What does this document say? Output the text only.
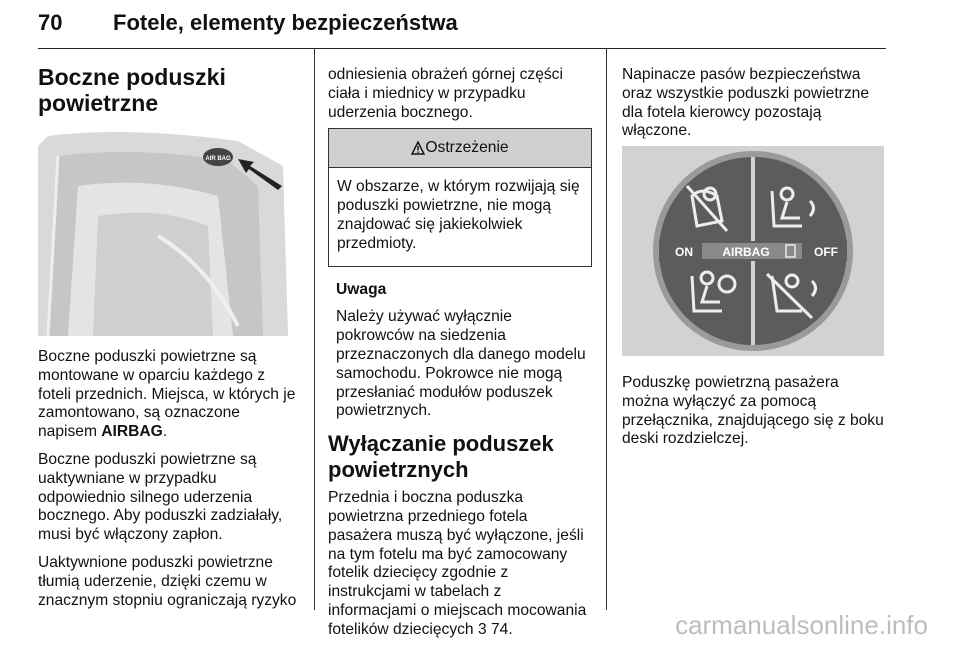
70 Fotele, elementy bezpieczeństwa
Boczne poduszki powietrzne
AIR BAG

Boczne poduszki powietrzne są montowane w oparciu każdego z foteli przednich. Miejsca, w których je zamontowano, są oznaczone napisem AIRBAG.

Boczne poduszki powietrzne są uaktywniane w przypadku odpowiednio silnego uderzenia bocznego. Aby poduszki zadziałały, musi być włączony zapłon.

Uaktywnione poduszki powietrzne tłumią uderzenie, dzięki czemu w znacznym stopniu ograniczają ryzyko

odniesienia obrażeń górnej części ciała i miednicy w przypadku uderzenia bocznego.

Ostrzeżenie
W obszarze, w którym rozwijają się poduszki powietrzne, nie mogą znajdować się jakiekolwiek przedmioty.

Uwaga

Należy używać wyłącznie pokrowców na siedzenia przeznaczonych dla danego modelu samochodu. Pokrowce nie mogą przesłaniać modułów poduszek powietrznych.

Wyłączanie poduszek powietrznych

Przednia i boczna poduszka powietrzna przedniego fotela pasażera muszą być wyłączone, jeśli na tym fotelu ma być zamocowany fotelik dziecięcy zgodnie z instrukcjami w tabelach z informacjami o miejscach mocowania fotelików dziecięcych 3 74.

Napinacze pasów bezpieczeństwa oraz wszystkie poduszki powietrzne dla fotela kierowcy pozostają włączone.

ON AIRBAG	OFF

Poduszkę powietrzną pasażera można wyłączyć za pomocą przełącznika, znajdującego się z boku deski rozdzielczej.

carmanualsonline.info
